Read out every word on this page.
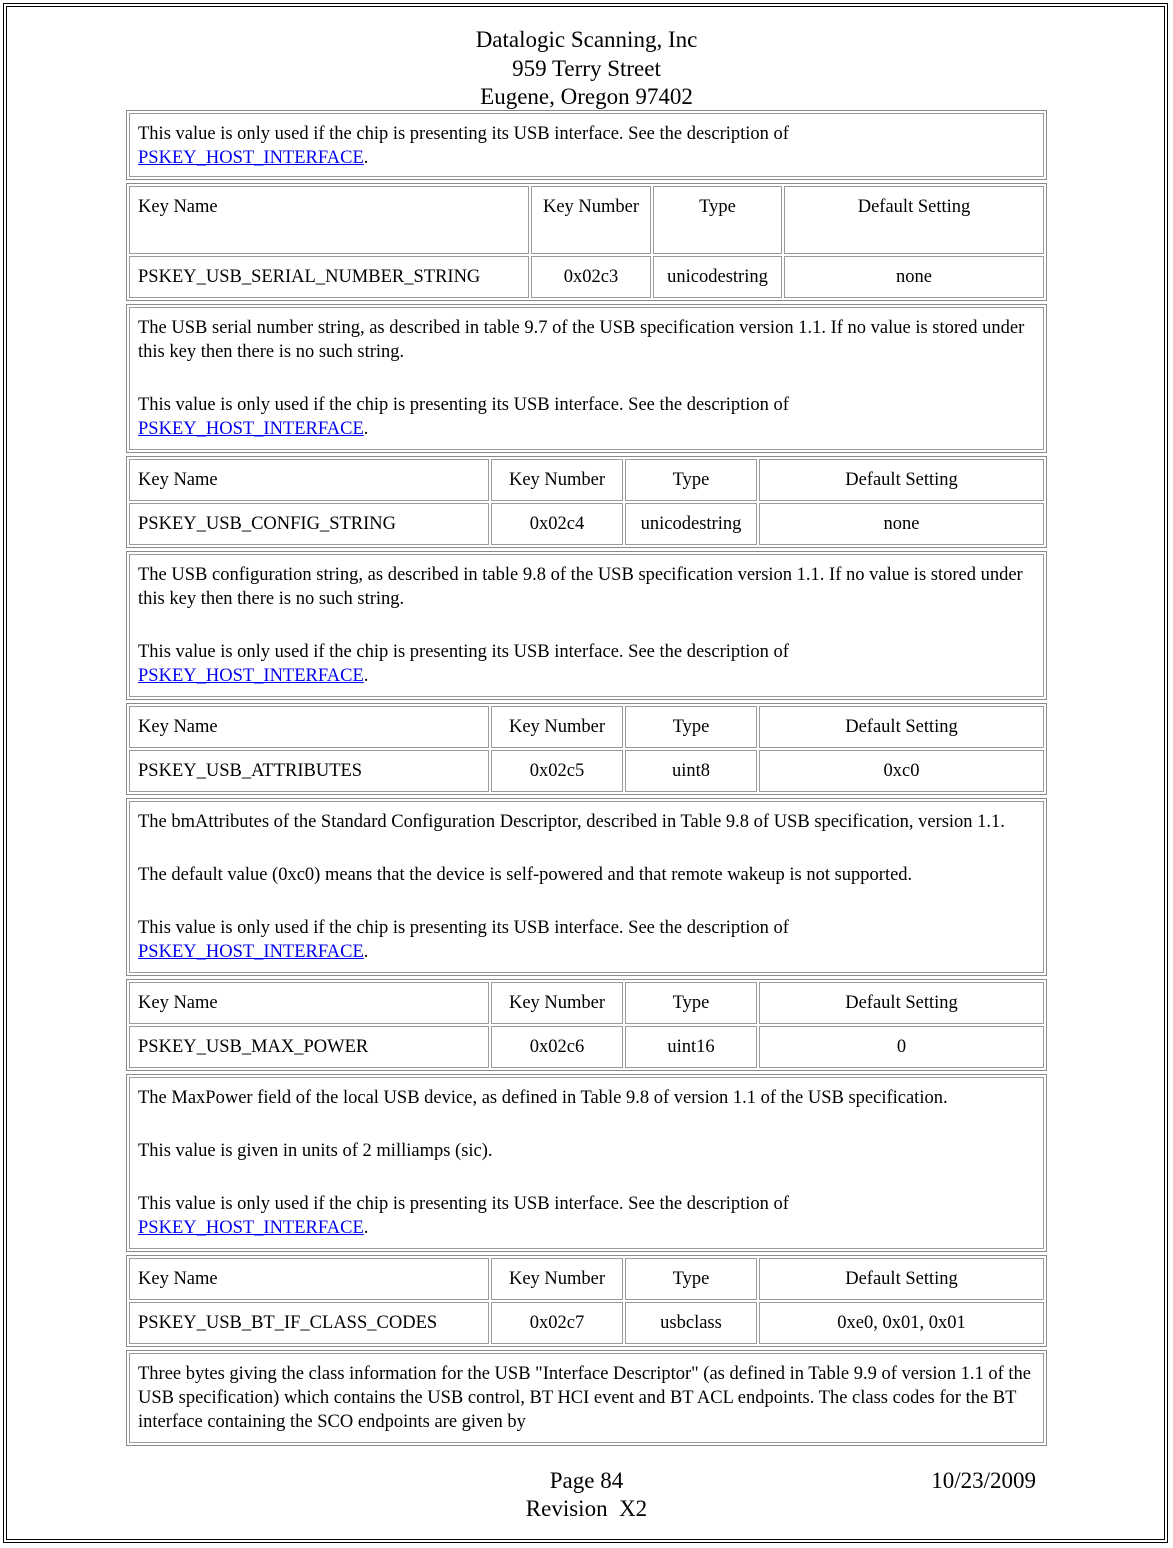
Datalogic Scanning, Inc
959 Terry Street
Eugene, Oregon 97402

This value is only used if the chip is presenting its USB interface. See the description of
PSKEY_HOST_INTERFACE.

Key Name	Key Number	Type	Default Setting
PSKEY_USB_SERIAL_NUMBER_STRING	0x02c3	unicodestring	none

The USB serial number string, as described in table 9.7 of the USB specification version 1.1. If no value is stored under this key then there is no such string.

This value is only used if the chip is presenting its USB interface. See the description of
PSKEY_HOST_INTERFACE.

Key Name	Key Number	Type	Default Setting
PSKEY_USB_CONFIG_STRING	0x02c4	unicodestring	none

The USB configuration string, as described in table 9.8 of the USB specification version 1.1. If no value is stored under this key then there is no such string.

This value is only used if the chip is presenting its USB interface. See the description of
PSKEY_HOST_INTERFACE.

Key Name	Key Number	Type	Default Setting
PSKEY_USB_ATTRIBUTES	0x02c5	uint8	0xc0

The bmAttributes of the Standard Configuration Descriptor, described in Table 9.8 of USB specification, version 1.1.

The default value (0xc0) means that the device is self-powered and that remote wakeup is not supported.

This value is only used if the chip is presenting its USB interface. See the description of
PSKEY_HOST_INTERFACE.

Key Name	Key Number	Type	Default Setting
PSKEY_USB_MAX_POWER	0x02c6	uint16	0

The MaxPower field of the local USB device, as defined in Table 9.8 of version 1.1 of the USB specification.

This value is given in units of 2 milliamps (sic).

This value is only used if the chip is presenting its USB interface. See the description of
PSKEY_HOST_INTERFACE.

Key Name	Key Number	Type	Default Setting
PSKEY_USB_BT_IF_CLASS_CODES	0x02c7	usbclass	0xe0, 0x01, 0x01

Three bytes giving the class information for the USB "Interface Descriptor" (as defined in Table 9.9 of version 1.1 of the USB specification) which contains the USB control, BT HCI event and BT ACL endpoints. The class codes for the BT interface containing the SCO endpoints are given by

Page 84	10/23/2009
Revision  X2
